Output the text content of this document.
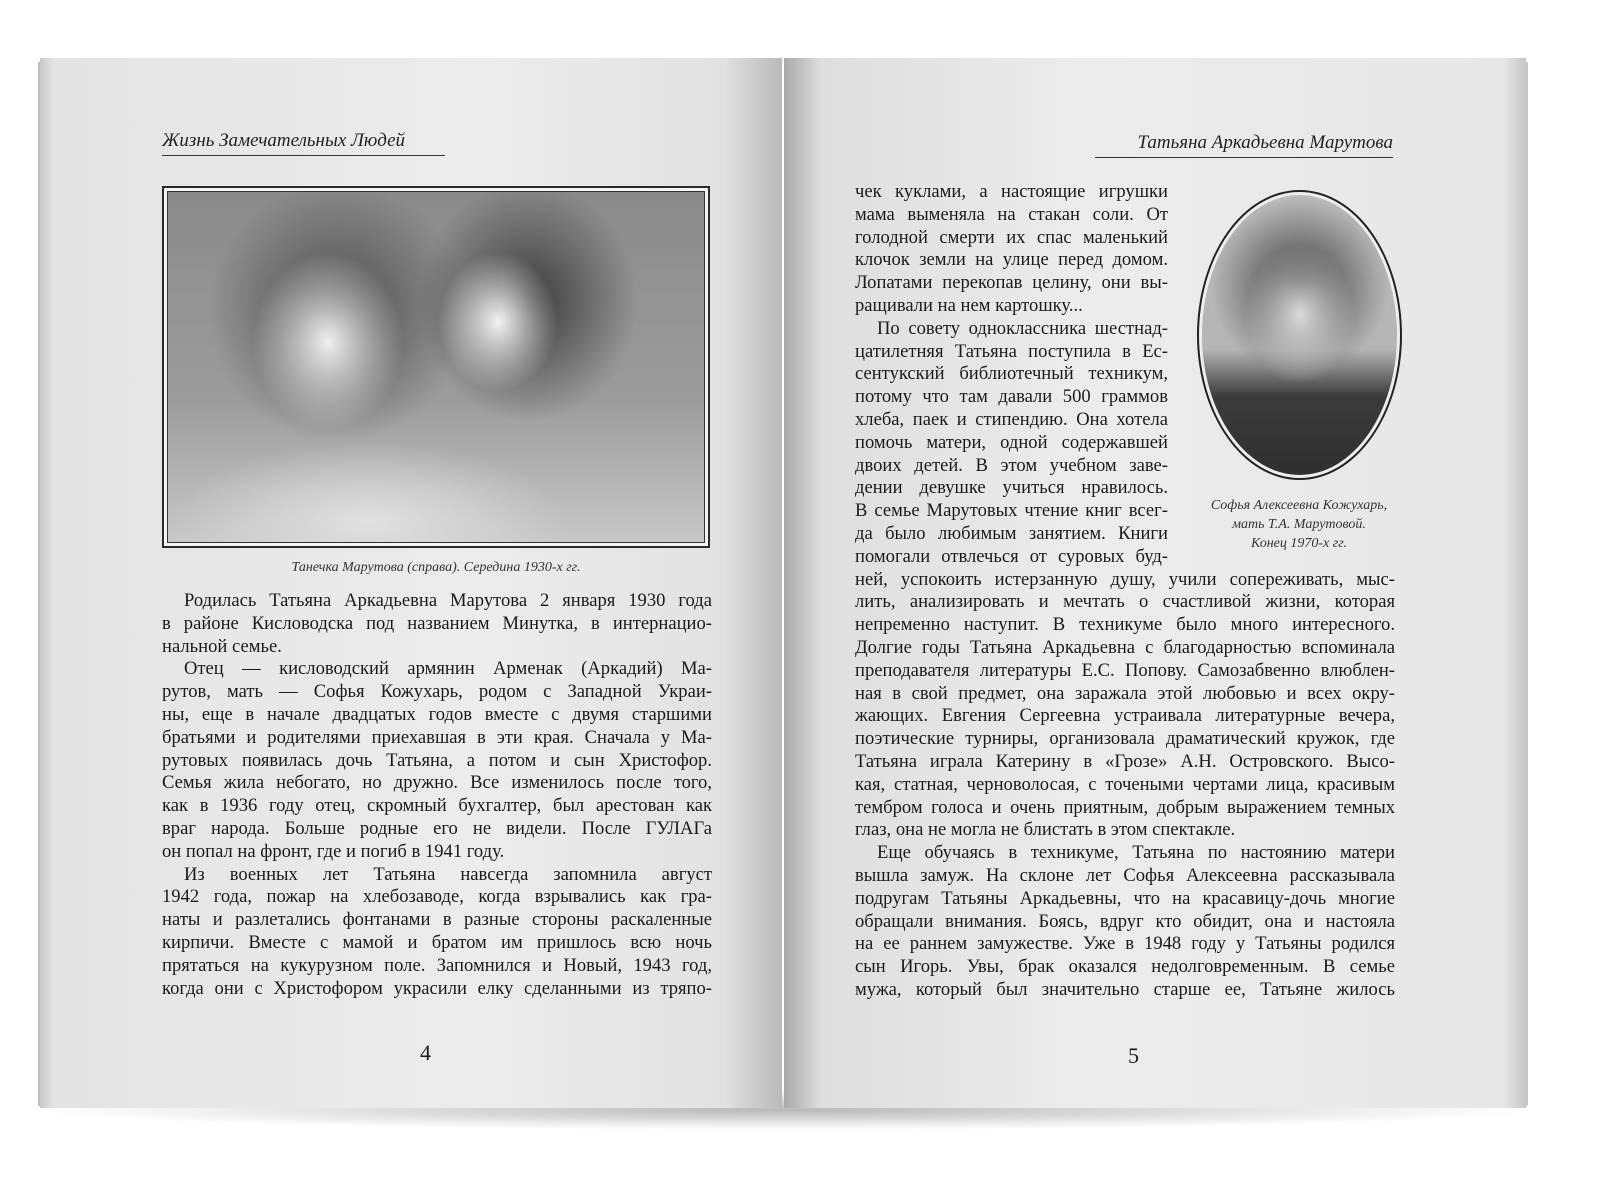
Жизнь Замечательных Людей
Танечка Марутова (справа). Середина 1930-х гг.
Родилась Татьяна Аркадьевна Марутова 2 января 1930 года
в районе Кисловодска под названием Минутка, в интернацио-
нальной семье.
Отец — кисловодский армянин Арменак (Аркадий) Ма-
рутов, мать — Софья Кожухарь, родом с Западной Украи-
ны, еще в начале двадцатых годов вместе с двумя старшими
братьями и родителями приехавшая в эти края. Сначала у Ма-
рутовых появилась дочь Татьяна, а потом и сын Христофор.
Семья жила небогато, но дружно. Все изменилось после того,
как в 1936 году отец, скромный бухгалтер, был арестован как
враг народа. Больше родные его не видели. После ГУЛАГа
он попал на фронт, где и погиб в 1941 году.
Из военных лет Татьяна навсегда запомнила август
1942 года, пожар на хлебозаводе, когда взрывались как гра-
наты и разлетались фонтанами в разные стороны раскаленные
кирпичи. Вместе с мамой и братом им пришлось всю ночь
прятаться на кукурузном поле. Запомнился и Новый, 1943 год,
когда они с Христофором украсили елку сделанными из тряпо-
4
Татьяна Аркадьевна Марутова
Софья Алексеевна Кожухарь,
мать Т.А. Марутовой.
Конец 1970-х гг.
чек куклами, а настоящие игрушки
мама выменяла на стакан соли. От
голодной смерти их спас маленький
клочок земли на улице перед домом.
Лопатами перекопав целину, они вы-
ращивали на нем картошку...
По совету одноклассника шестнад-
цатилетняя Татьяна поступила в Ес-
сентукский библиотечный техникум,
потому что там давали 500 граммов
хлеба, паек и стипендию. Она хотела
помочь матери, одной содержавшей
двоих детей. В этом учебном заве-
дении девушке учиться нравилось.
В семье Марутовых чтение книг всег-
да было любимым занятием. Книги
помогали отвлечься от суровых буд-
ней, успокоить истерзанную душу, учили сопереживать, мыс-
лить, анализировать и мечтать о счастливой жизни, которая
непременно наступит. В техникуме было много интересного.
Долгие годы Татьяна Аркадьевна с благодарностью вспоминала
преподавателя литературы Е.С. Попову. Самозабвенно влюблен-
ная в свой предмет, она заражала этой любовью и всех окру-
жающих. Евгения Сергеевна устраивала литературные вечера,
поэтические турниры, организовала драматический кружок, где
Татьяна играла Катерину в «Грозе» А.Н. Островского. Высо-
кая, статная, черноволосая, с точеными чертами лица, красивым
тембром голоса и очень приятным, добрым выражением темных
глаз, она не могла не блистать в этом спектакле.
Еще обучаясь в техникуме, Татьяна по настоянию матери
вышла замуж. На склоне лет Софья Алексеевна рассказывала
подругам Татьяны Аркадьевны, что на красавицу-дочь многие
обращали внимания. Боясь, вдруг кто обидит, она и настояла
на ее раннем замужестве. Уже в 1948 году у Татьяны родился
сын Игорь. Увы, брак оказался недолговременным. В семье
мужа, который был значительно старше ее, Татьяне жилось
5
